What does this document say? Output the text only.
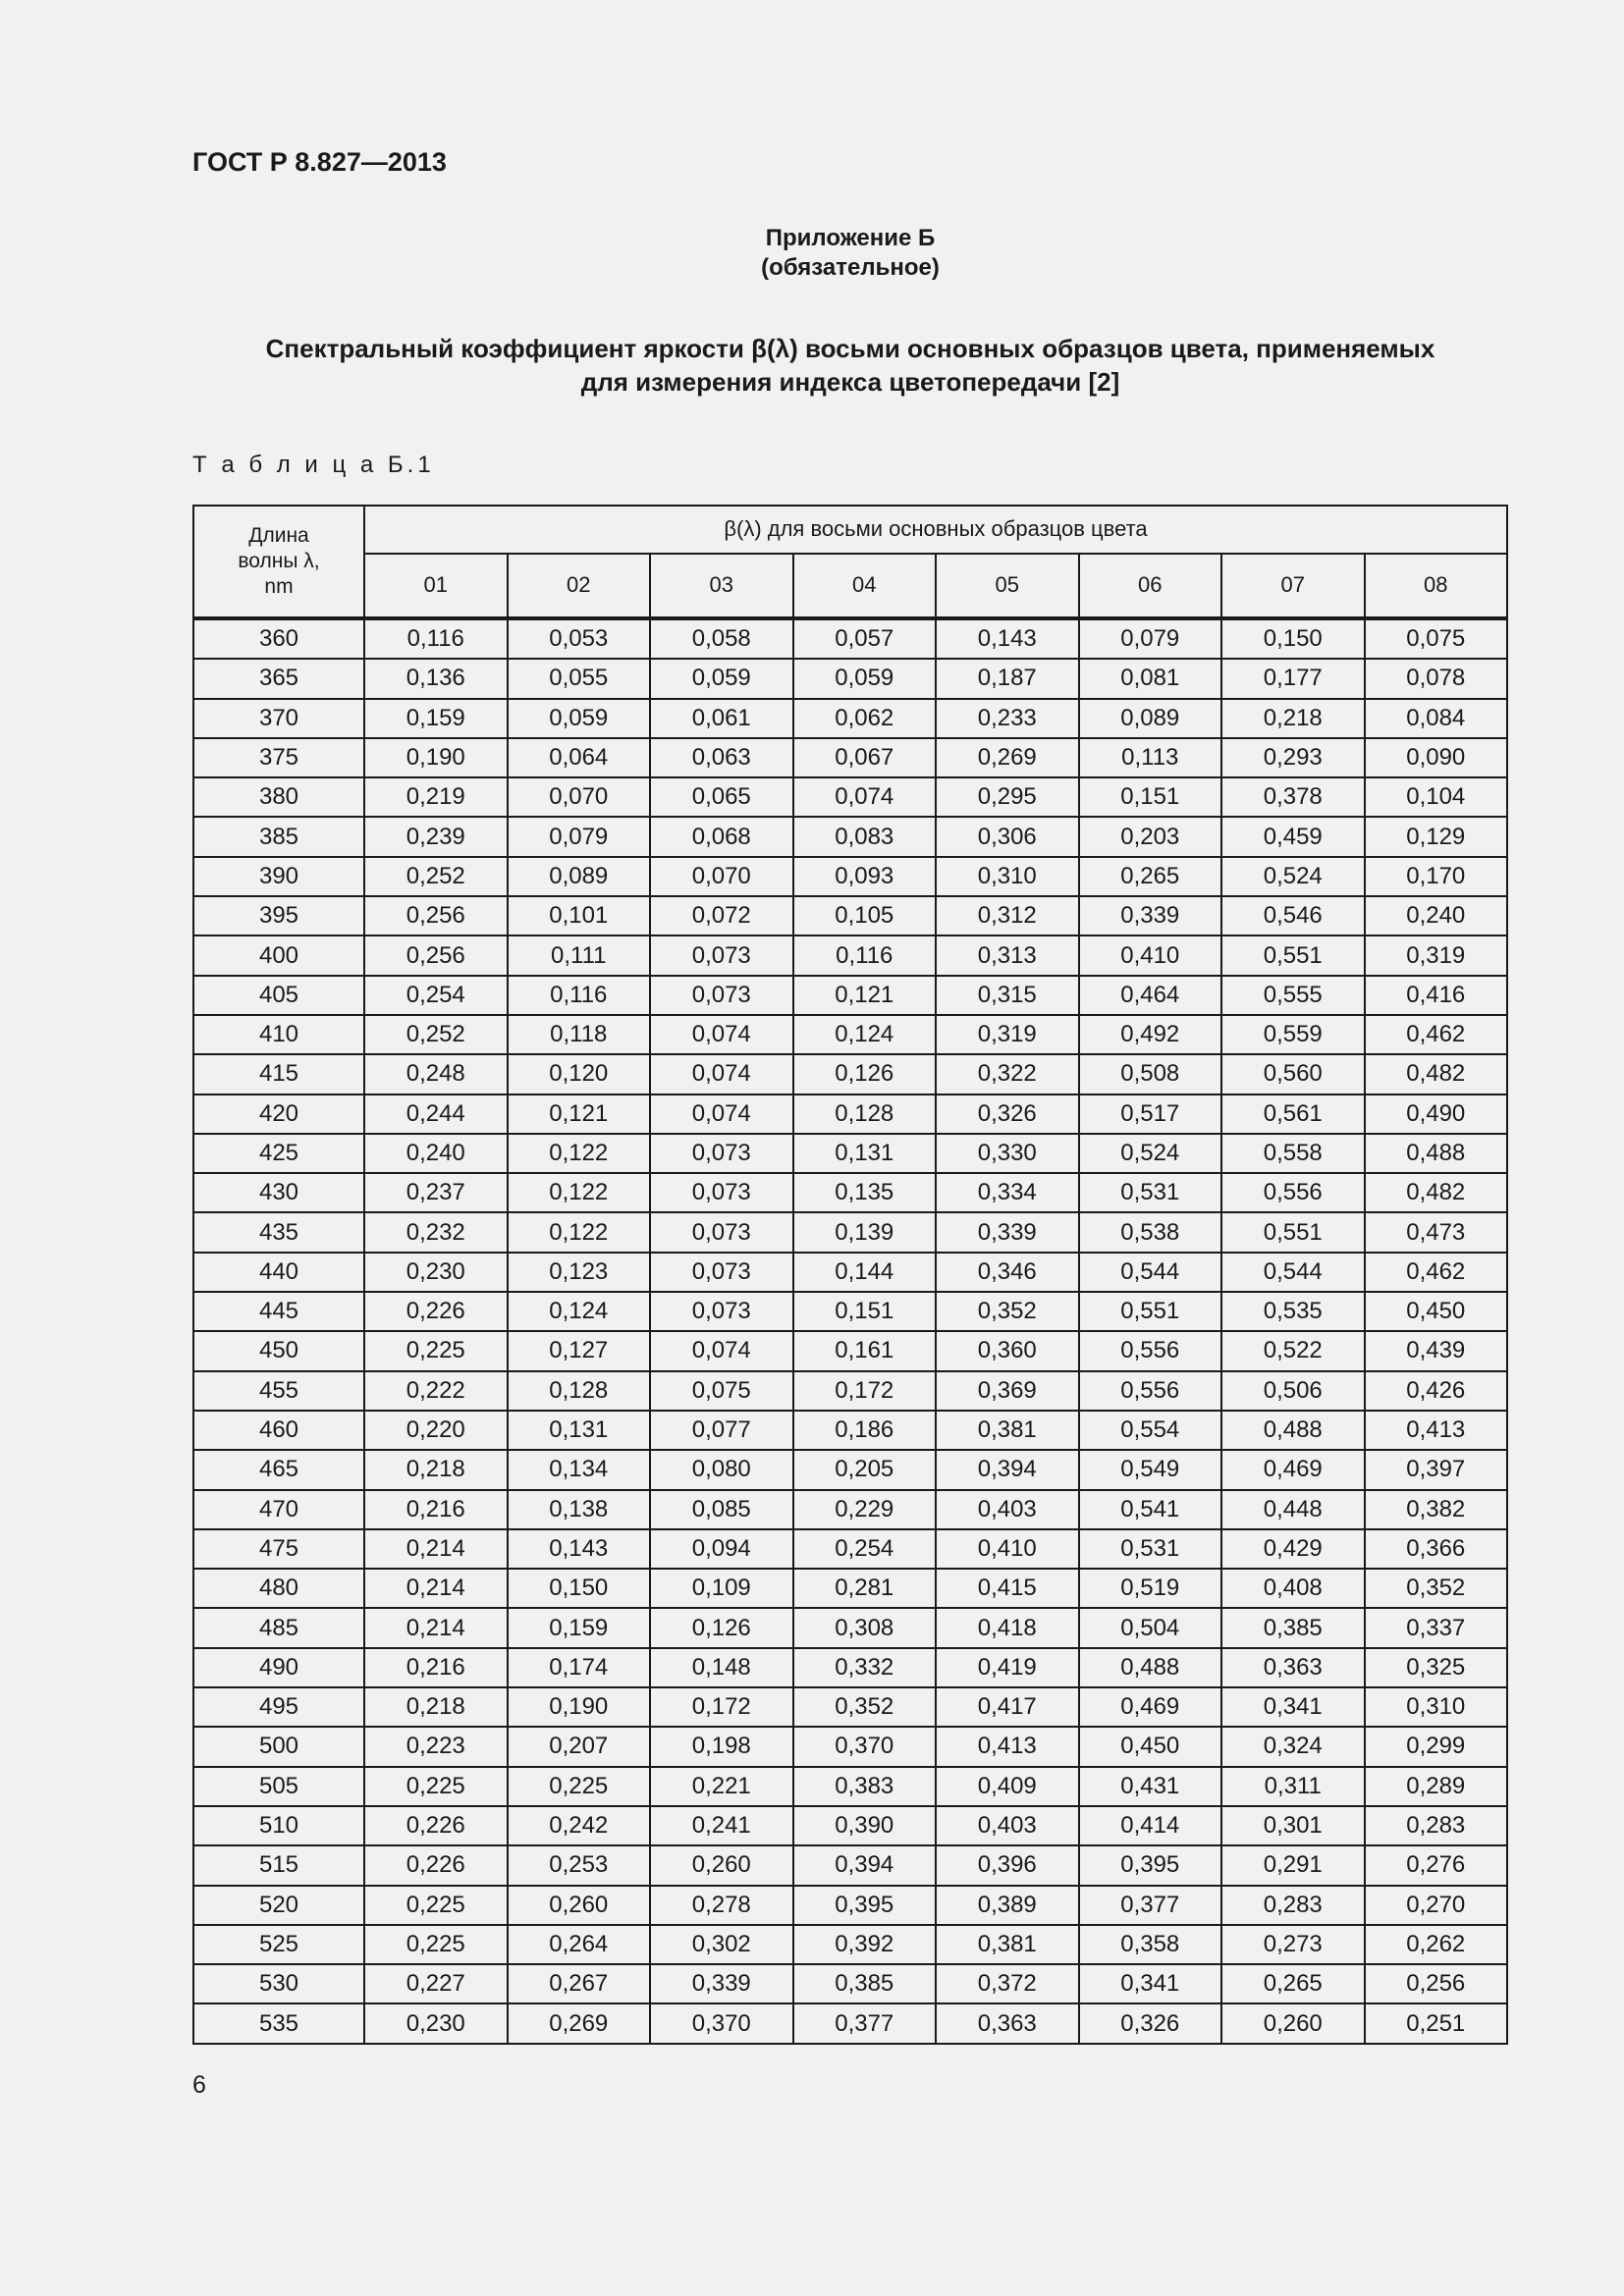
ГОСТ Р 8.827—2013
Приложение Б
(обязательное)
Спектральный коэффициент яркости β(λ) восьми основных образцов цвета, применяемых
для измерения индекса цветопередачи [2]
Т а б л и ц а Б.1
Длина
волны λ,
nm	β(λ) для восьми основных образцов цвета							
	01	02	03	04	05	06	07	08
360	0,116	0,053	0,058	0,057	0,143	0,079	0,150	0,075
365	0,136	0,055	0,059	0,059	0,187	0,081	0,177	0,078
370	0,159	0,059	0,061	0,062	0,233	0,089	0,218	0,084
375	0,190	0,064	0,063	0,067	0,269	0,113	0,293	0,090
380	0,219	0,070	0,065	0,074	0,295	0,151	0,378	0,104
385	0,239	0,079	0,068	0,083	0,306	0,203	0,459	0,129
390	0,252	0,089	0,070	0,093	0,310	0,265	0,524	0,170
395	0,256	0,101	0,072	0,105	0,312	0,339	0,546	0,240
400	0,256	0,111	0,073	0,116	0,313	0,410	0,551	0,319
405	0,254	0,116	0,073	0,121	0,315	0,464	0,555	0,416
410	0,252	0,118	0,074	0,124	0,319	0,492	0,559	0,462
415	0,248	0,120	0,074	0,126	0,322	0,508	0,560	0,482
420	0,244	0,121	0,074	0,128	0,326	0,517	0,561	0,490
425	0,240	0,122	0,073	0,131	0,330	0,524	0,558	0,488
430	0,237	0,122	0,073	0,135	0,334	0,531	0,556	0,482
435	0,232	0,122	0,073	0,139	0,339	0,538	0,551	0,473
440	0,230	0,123	0,073	0,144	0,346	0,544	0,544	0,462
445	0,226	0,124	0,073	0,151	0,352	0,551	0,535	0,450
450	0,225	0,127	0,074	0,161	0,360	0,556	0,522	0,439
455	0,222	0,128	0,075	0,172	0,369	0,556	0,506	0,426
460	0,220	0,131	0,077	0,186	0,381	0,554	0,488	0,413
465	0,218	0,134	0,080	0,205	0,394	0,549	0,469	0,397
470	0,216	0,138	0,085	0,229	0,403	0,541	0,448	0,382
475	0,214	0,143	0,094	0,254	0,410	0,531	0,429	0,366
480	0,214	0,150	0,109	0,281	0,415	0,519	0,408	0,352
485	0,214	0,159	0,126	0,308	0,418	0,504	0,385	0,337
490	0,216	0,174	0,148	0,332	0,419	0,488	0,363	0,325
495	0,218	0,190	0,172	0,352	0,417	0,469	0,341	0,310
500	0,223	0,207	0,198	0,370	0,413	0,450	0,324	0,299
505	0,225	0,225	0,221	0,383	0,409	0,431	0,311	0,289
510	0,226	0,242	0,241	0,390	0,403	0,414	0,301	0,283
515	0,226	0,253	0,260	0,394	0,396	0,395	0,291	0,276
520	0,225	0,260	0,278	0,395	0,389	0,377	0,283	0,270
525	0,225	0,264	0,302	0,392	0,381	0,358	0,273	0,262
530	0,227	0,267	0,339	0,385	0,372	0,341	0,265	0,256
535	0,230	0,269	0,370	0,377	0,363	0,326	0,260	0,251
6
